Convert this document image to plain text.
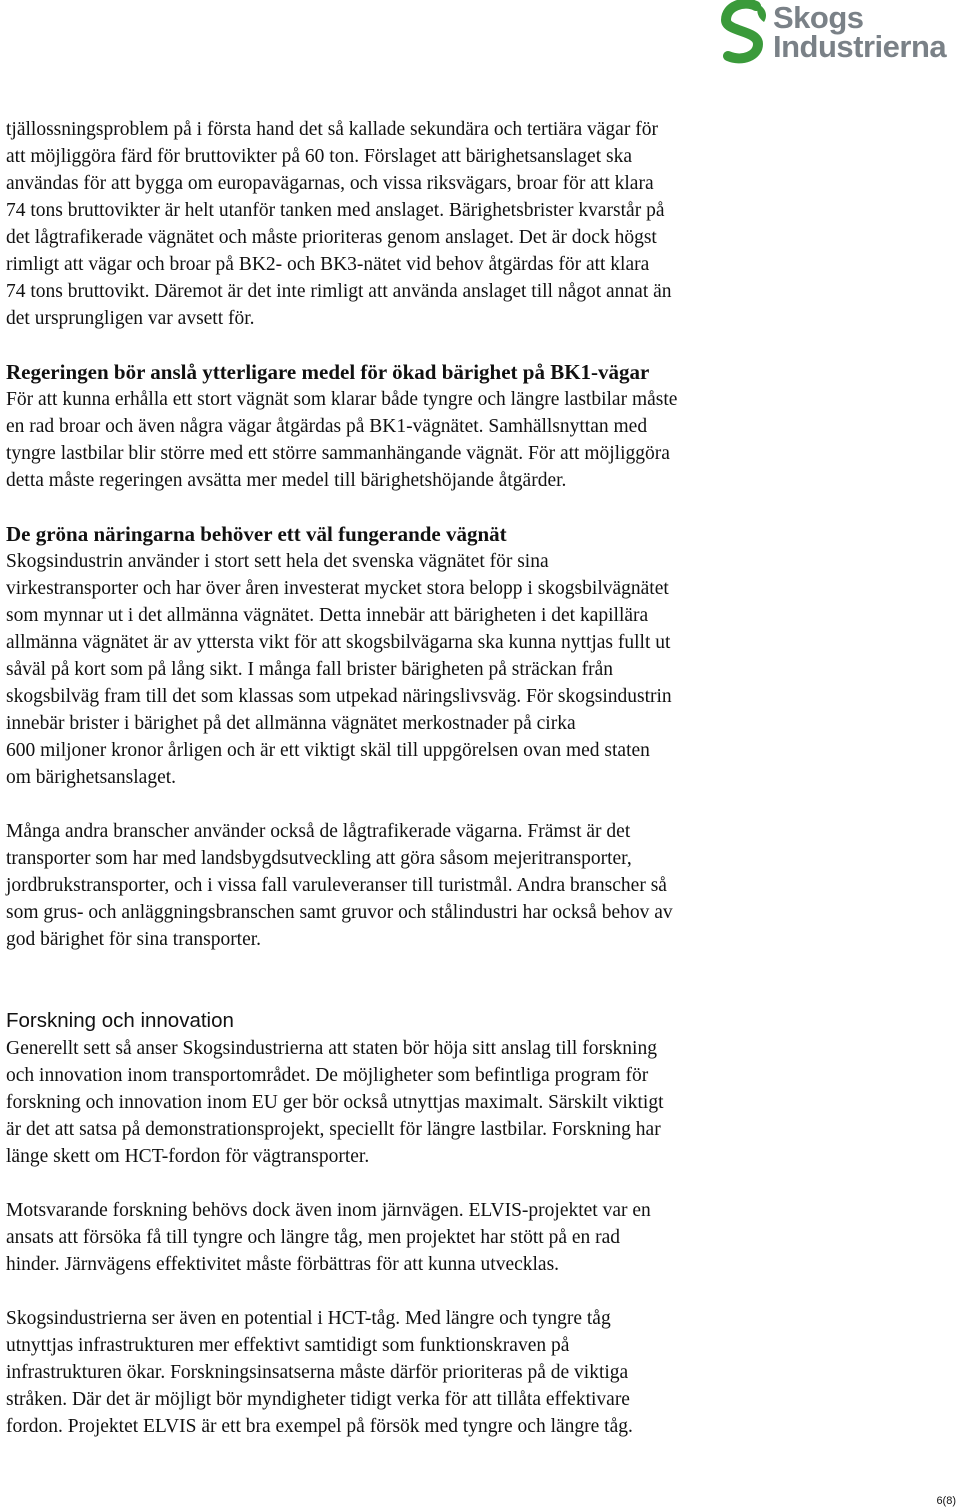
Skogs
Industrierna

tjällossningsproblem på i första hand det så kallade sekundära och tertiära vägar för

att möjliggöra färd för bruttovikter på 60 ton. Förslaget att bärighetsanslaget ska

användas för att bygga om europavägarnas, och vissa riksvägars, broar för att klara

74 tons bruttovikter är helt utanför tanken med anslaget. Bärighetsbrister kvarstår på

det lågtrafikerade vägnätet och måste prioriteras genom anslaget. Det är dock högst

rimligt att vägar och broar på BK2- och BK3-nätet vid behov åtgärdas för att klara

74 tons bruttovikt. Däremot är det inte rimligt att använda anslaget till något annat än

det ursprungligen var avsett för.

Regeringen bör anslå ytterligare medel för ökad bärighet på BK1-vägar

För att kunna erhålla ett stort vägnät som klarar både tyngre och längre lastbilar måste

en rad broar och även några vägar åtgärdas på BK1-vägnätet. Samhällsnyttan med

tyngre lastbilar blir större med ett större sammanhängande vägnät. För att möjliggöra

detta måste regeringen avsätta mer medel till bärighetshöjande åtgärder.

De gröna näringarna behöver ett väl fungerande vägnät

Skogsindustrin använder i stort sett hela det svenska vägnätet för sina

virkestransporter och har över åren investerat mycket stora belopp i skogsbilvägnätet

som mynnar ut i det allmänna vägnätet. Detta innebär att bärigheten i det kapillära

allmänna vägnätet är av yttersta vikt för att skogsbilvägarna ska kunna nyttjas fullt ut

såväl på kort som på lång sikt. I många fall brister bärigheten på sträckan från

skogsbilväg fram till det som klassas som utpekad näringslivsväg. För skogsindustrin

innebär brister i bärighet på det allmänna vägnätet merkostnader på cirka

600 miljoner kronor årligen och är ett viktigt skäl till uppgörelsen ovan med staten

om bärighetsanslaget.

Många andra branscher använder också de lågtrafikerade vägarna. Främst är det

transporter som har med landsbygdsutveckling att göra såsom mejeritransporter,

jordbrukstransporter, och i vissa fall varuleveranser till turistmål. Andra branscher så

som grus- och anläggningsbranschen samt gruvor och stålindustri har också behov av

god bärighet för sina transporter.

Forskning och innovation

Generellt sett så anser Skogsindustrierna att staten bör höja sitt anslag till forskning

och innovation inom transportområdet. De möjligheter som befintliga program för

forskning och innovation inom EU ger bör också utnyttjas maximalt. Särskilt viktigt

är det att satsa på demonstrationsprojekt, speciellt för längre lastbilar. Forskning har

länge skett om HCT-fordon för vägtransporter.

Motsvarande forskning behövs dock även inom järnvägen. ELVIS-projektet var en

ansats att försöka få till tyngre och längre tåg, men projektet har stött på en rad

hinder. Järnvägens effektivitet måste förbättras för att kunna utvecklas.

Skogsindustrierna ser även en potential i HCT-tåg. Med längre och tyngre tåg

utnyttjas infrastrukturen mer effektivt samtidigt som funktionskraven på

infrastrukturen ökar. Forskningsinsatserna måste därför prioriteras på de viktiga

stråken. Där det är möjligt bör myndigheter tidigt verka för att tillåta effektivare

fordon. Projektet ELVIS är ett bra exempel på försök med tyngre och längre tåg.

6(8)
